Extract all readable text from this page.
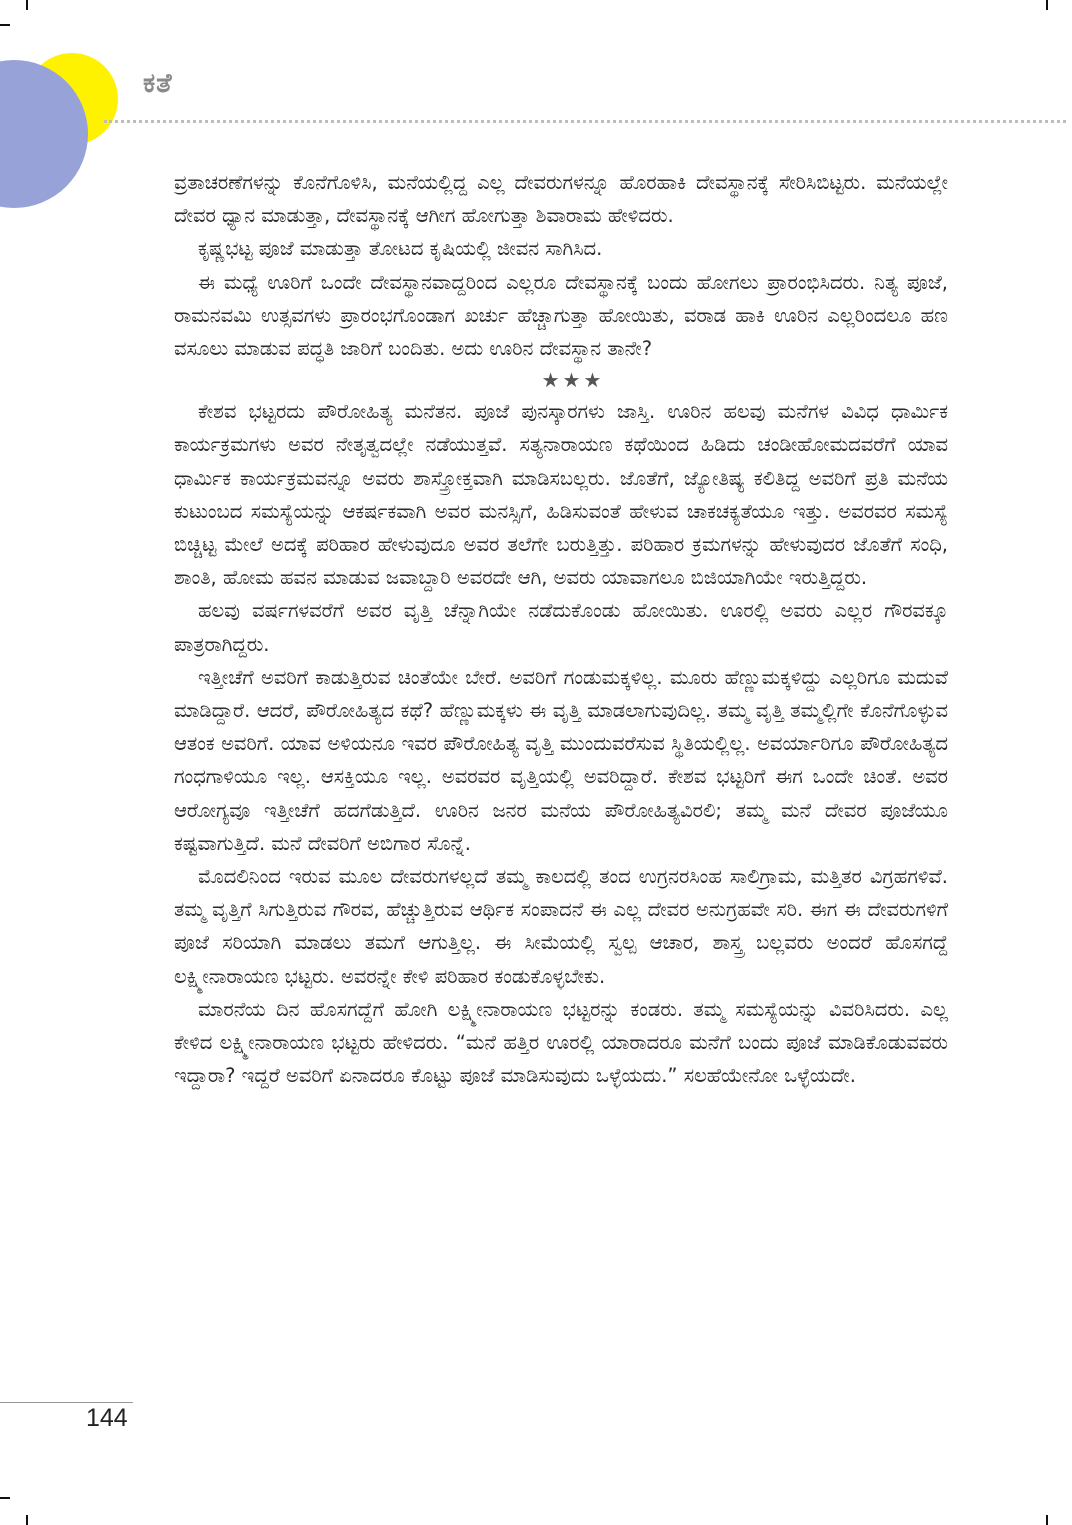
ಕತೆ

ವ್ರತಾಚರಣೆಗಳನ್ನು ಕೊನೆಗೊಳಿಸಿ, ಮನೆಯಲ್ಲಿದ್ದ ಎಲ್ಲ ದೇವರುಗಳನ್ನೂ ಹೊರಹಾಕಿ ದೇವಸ್ಥಾನಕ್ಕೆ ಸೇರಿಸಿಬಿಟ್ಟರು. ಮನೆಯಲ್ಲೇ ದೇವರ ಧ್ಯಾನ ಮಾಡುತ್ತಾ, ದೇವಸ್ಥಾನಕ್ಕೆ ಆಗೀಗ ಹೋಗುತ್ತಾ ಶಿವಾರಾಮ ಹೇಳಿದರು.

ಕೃಷ್ಣಭಟ್ಟ ಪೂಜೆ ಮಾಡುತ್ತಾ ತೋಟದ ಕೃಷಿಯಲ್ಲಿ ಜೀವನ ಸಾಗಿಸಿದ.

ಈ ಮಧ್ಯೆ ಊರಿಗೆ ಒಂದೇ ದೇವಸ್ಥಾನವಾದ್ದರಿಂದ ಎಲ್ಲರೂ ದೇವಸ್ಥಾನಕ್ಕೆ ಬಂದು ಹೋಗಲು ಪ್ರಾರಂಭಿಸಿದರು. ನಿತ್ಯ ಪೂಜೆ, ರಾಮನವಮಿ ಉತ್ಸವಗಳು ಪ್ರಾರಂಭಗೊಂಡಾಗ ಖರ್ಚು ಹೆಚ್ಚಾಗುತ್ತಾ ಹೋಯಿತು, ವರಾಡ ಹಾಕಿ ಊರಿನ ಎಲ್ಲರಿಂದಲೂ ಹಣ ವಸೂಲು ಮಾಡುವ ಪದ್ಧತಿ ಜಾರಿಗೆ ಬಂದಿತು. ಅದು ಊರಿನ ದೇವಸ್ಥಾನ ತಾನೇ?

★★★

ಕೇಶವ ಭಟ್ಟರದು ಪೌರೋಹಿತ್ಯ ಮನೆತನ. ಪೂಜೆ ಪುನಸ್ಕಾರಗಳು ಜಾಸ್ತಿ. ಊರಿನ ಹಲವು ಮನೆಗಳ ವಿವಿಧ ಧಾರ್ಮಿಕ ಕಾರ್ಯಕ್ರಮಗಳು ಅವರ ನೇತೃತ್ವದಲ್ಲೇ ನಡೆಯುತ್ತವೆ. ಸತ್ಯನಾರಾಯಣ ಕಥೆಯಿಂದ ಹಿಡಿದು ಚಂಡೀಹೋಮದವರೆಗೆ ಯಾವ ಧಾರ್ಮಿಕ ಕಾರ್ಯಕ್ರಮವನ್ನೂ ಅವರು ಶಾಸ್ತ್ರೋಕ್ತವಾಗಿ ಮಾಡಿಸಬಲ್ಲರು. ಜೊತೆಗೆ, ಜ್ಯೋತಿಷ್ಯ ಕಲಿತಿದ್ದ ಅವರಿಗೆ ಪ್ರತಿ ಮನೆಯ ಕುಟುಂಬದ ಸಮಸ್ಯೆಯನ್ನು ಆಕರ್ಷಕವಾಗಿ ಅವರ ಮನಸ್ಸಿಗೆ, ಹಿಡಿಸುವಂತೆ ಹೇಳುವ ಚಾಕಚಕ್ಯತೆಯೂ ಇತ್ತು. ಅವರವರ ಸಮಸ್ಯೆ ಬಿಚ್ಚಿಟ್ಟ ಮೇಲೆ ಅದಕ್ಕೆ ಪರಿಹಾರ ಹೇಳುವುದೂ ಅವರ ತಲೆಗೇ ಬರುತ್ತಿತ್ತು. ಪರಿಹಾರ ಕ್ರಮಗಳನ್ನು ಹೇಳುವುದರ ಜೊತೆಗೆ ಸಂಧಿ, ಶಾಂತಿ, ಹೋಮ ಹವನ ಮಾಡುವ ಜವಾಬ್ದಾರಿ ಅವರದೇ ಆಗಿ, ಅವರು ಯಾವಾಗಲೂ ಬಿಜಿಯಾಗಿಯೇ ಇರುತ್ತಿದ್ದರು.

ಹಲವು ವರ್ಷಗಳವರೆಗೆ ಅವರ ವೃತ್ತಿ ಚೆನ್ನಾಗಿಯೇ ನಡೆದುಕೊಂಡು ಹೋಯಿತು. ಊರಲ್ಲಿ ಅವರು ಎಲ್ಲರ ಗೌರವಕ್ಕೂ ಪಾತ್ರರಾಗಿದ್ದರು.

ಇತ್ತೀಚೆಗೆ ಅವರಿಗೆ ಕಾಡುತ್ತಿರುವ ಚಿಂತೆಯೇ ಬೇರೆ. ಅವರಿಗೆ ಗಂಡುಮಕ್ಕಳಿಲ್ಲ. ಮೂರು ಹೆಣ್ಣುಮಕ್ಕಳಿದ್ದು ಎಲ್ಲರಿಗೂ ಮದುವೆ ಮಾಡಿದ್ದಾರೆ. ಆದರೆ, ಪೌರೋಹಿತ್ಯದ ಕಥೆ? ಹೆಣ್ಣುಮಕ್ಕಳು ಈ ವೃತ್ತಿ ಮಾಡಲಾಗುವುದಿಲ್ಲ. ತಮ್ಮ ವೃತ್ತಿ ತಮ್ಮಲ್ಲಿಗೇ ಕೊನೆಗೊಳ್ಳುವ ಆತಂಕ ಅವರಿಗೆ. ಯಾವ ಅಳಿಯನೂ ಇವರ ಪೌರೋಹಿತ್ಯ ವೃತ್ತಿ ಮುಂದುವರೆಸುವ ಸ್ಥಿತಿಯಲ್ಲಿಲ್ಲ. ಅವರ್ಯಾರಿಗೂ ಪೌರೋಹಿತ್ಯದ ಗಂಧಗಾಳಿಯೂ ಇಲ್ಲ. ಆಸಕ್ತಿಯೂ ಇಲ್ಲ. ಅವರವರ ವೃತ್ತಿಯಲ್ಲಿ ಅವರಿದ್ದಾರೆ. ಕೇಶವ ಭಟ್ಟರಿಗೆ ಈಗ ಒಂದೇ ಚಿಂತೆ. ಅವರ ಆರೋಗ್ಯವೂ ಇತ್ತೀಚೆಗೆ ಹದಗೆಡುತ್ತಿದೆ. ಊರಿನ ಜನರ ಮನೆಯ ಪೌರೋಹಿತ್ಯವಿರಲಿ; ತಮ್ಮ ಮನೆ ದೇವರ ಪೂಜೆಯೂ ಕಷ್ಟವಾಗುತ್ತಿದೆ. ಮನೆ ದೇವರಿಗೆ ಅಬಿಗಾರ ಸೊನ್ನೆ.

ಮೊದಲಿನಿಂದ ಇರುವ ಮೂಲ ದೇವರುಗಳಲ್ಲದೆ ತಮ್ಮ ಕಾಲದಲ್ಲಿ ತಂದ ಉಗ್ರನರಸಿಂಹ ಸಾಲಿಗ್ರಾಮ, ಮತ್ತಿತರ ವಿಗ್ರಹಗಳಿವೆ. ತಮ್ಮ ವೃತ್ತಿಗೆ ಸಿಗುತ್ತಿರುವ ಗೌರವ, ಹೆಚ್ಚುತ್ತಿರುವ ಆರ್ಥಿಕ ಸಂಪಾದನೆ ಈ ಎಲ್ಲ ದೇವರ ಅನುಗ್ರಹವೇ ಸರಿ. ಈಗ ಈ ದೇವರುಗಳಿಗೆ ಪೂಜೆ ಸರಿಯಾಗಿ ಮಾಡಲು ತಮಗೆ ಆಗುತ್ತಿಲ್ಲ. ಈ ಸೀಮೆಯಲ್ಲಿ ಸ್ವಲ್ಪ ಆಚಾರ, ಶಾಸ್ತ್ರ ಬಲ್ಲವರು ಅಂದರೆ ಹೊಸಗದ್ದೆ ಲಕ್ಷ್ಮೀನಾರಾಯಣ ಭಟ್ಟರು. ಅವರನ್ನೇ ಕೇಳಿ ಪರಿಹಾರ ಕಂಡುಕೊಳ್ಳಬೇಕು.

ಮಾರನೆಯ ದಿನ ಹೊಸಗದ್ದೆಗೆ ಹೋಗಿ ಲಕ್ಷ್ಮೀನಾರಾಯಣ ಭಟ್ಟರನ್ನು ಕಂಡರು. ತಮ್ಮ ಸಮಸ್ಯೆಯನ್ನು ವಿವರಿಸಿದರು. ಎಲ್ಲ ಕೇಳಿದ ಲಕ್ಷ್ಮೀನಾರಾಯಣ ಭಟ್ಟರು ಹೇಳಿದರು. “ಮನೆ ಹತ್ತಿರ ಊರಲ್ಲಿ ಯಾರಾದರೂ ಮನೆಗೆ ಬಂದು ಪೂಜೆ ಮಾಡಿಕೊಡುವವರು ಇದ್ದಾರಾ? ಇದ್ದರೆ ಅವರಿಗೆ ಏನಾದರೂ ಕೊಟ್ಟು ಪೂಜೆ ಮಾಡಿಸುವುದು ಒಳ್ಳೆಯದು.” ಸಲಹೆಯೇನೋ ಒಳ್ಳೆಯದೇ.

144
